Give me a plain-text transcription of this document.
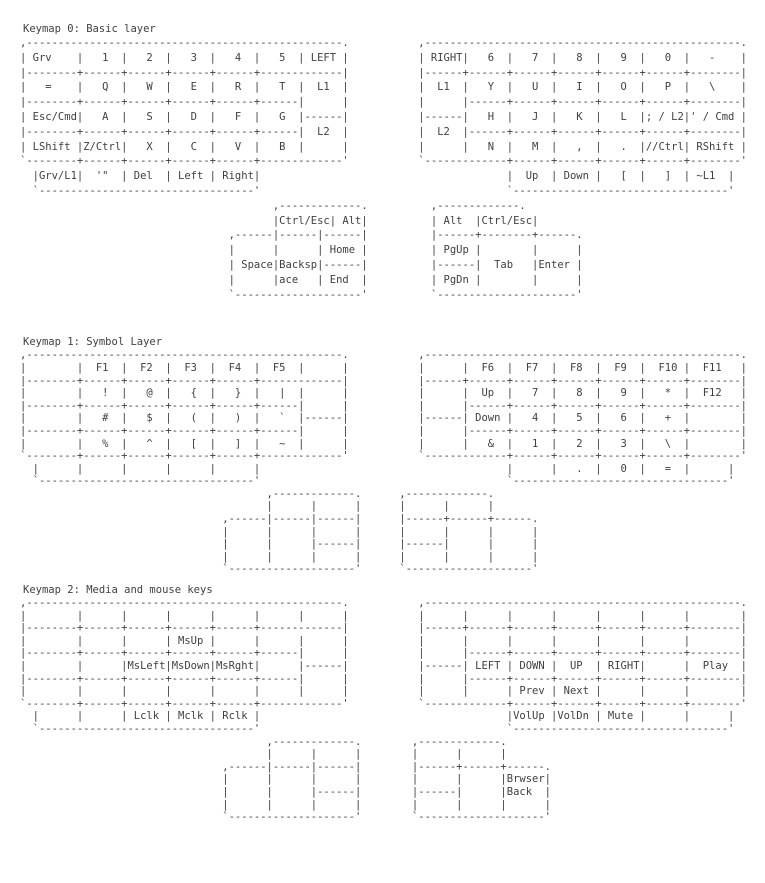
Keymap 0: Basic layer
,--------------------------------------------------.           ,--------------------------------------------------.
| Grv    |   1  |   2  |   3  |   4  |   5  | LEFT |           | RIGHT|   6  |   7  |   8  |   9  |   0  |   -    |
|--------+------+------+------+------+-------------|           |------+------+------+------+------+------+--------|
|   =    |   Q  |   W  |   E  |   R  |   T  |  L1  |           |  L1  |   Y  |   U  |   I  |   O  |   P  |   \    |
|--------+------+------+------+------+------|      |           |      |------+------+------+------+------+--------|
| Esc/Cmd|   A  |   S  |   D  |   F  |   G  |------|           |------|   H  |   J  |   K  |   L  |; / L2|' / Cmd |
|--------+------+------+------+------+------|  L2  |           |  L2  |------+------+------+------+------+--------|
| LShift |Z/Ctrl|   X  |   C  |   V  |   B  |      |           |      |   N  |   M  |   ,  |   .  |//Ctrl| RShift |
`--------+------+------+------+------+-------------'           `-------------+------+------+------+------+--------'
|Grv/L1|  '"  | Del  | Left | Right|                                       |  Up  | Down |   [  |   ]  | ~L1  |
`----------------------------------'                                       `----------------------------------'
,-------------.          ,-------------.
|Ctrl/Esc| Alt|          | Alt  |Ctrl/Esc|
,------|------|------|          |------+--------+------.
|      |      | Home |          | PgUp |        |      |
| Space|Backsp|------|          |------|  Tab   |Enter |
|      |ace   | End  |          | PgDn |        |      |
`--------------------'          `----------------------'
Keymap 1: Symbol Layer
,--------------------------------------------------.           ,--------------------------------------------------.
|        |  F1  |  F2  |  F3  |  F4  |  F5  |      |           |      |  F6  |  F7  |  F8  |  F9  |  F10 |  F11   |
|--------+------+------+------+------+-------------|           |------+------+------+------+------+------+--------|
|        |   !  |   @  |   {  |   }  |   |  |      |           |      |  Up  |   7  |   8  |   9  |   *  |  F12   |
|--------+------+------+------+------+------|      |           |      |------+------+------+------+------+--------|
|        |   #  |   $  |   (  |   )  |   `  |------|           |------| Down |   4  |   5  |   6  |   +  |        |
|--------+------+------+------+------+------|      |           |      |------+------+------+------+------+--------|
|        |   %  |   ^  |   [  |   ]  |   ~  |      |           |      |   &  |   1  |   2  |   3  |   \  |        |
`--------+------+------+------+------+-------------'           `-------------+------+------+------+------+--------'
|      |      |      |      |      |                                       |      |   .  |   0  |   =  |      |
`----------------------------------'                                       `----------------------------------'
,-------------.      ,-------------.
|      |      |      |      |      |
,------|------|------|      |------+------+------.
|      |      |      |      |      |      |      |
|      |      |------|      |------|      |      |
|      |      |      |      |      |      |      |
`--------------------'      `--------------------'
Keymap 2: Media and mouse keys
,--------------------------------------------------.           ,--------------------------------------------------.
|        |      |      |      |      |      |      |           |      |      |      |      |      |      |        |
|--------+------+------+------+------+-------------|           |------+------+------+------+------+------+--------|
|        |      |      | MsUp |      |      |      |           |      |      |      |      |      |      |        |
|--------+------+------+------+------+------|      |           |      |------+------+------+------+------+--------|
|        |      |MsLeft|MsDown|MsRght|      |------|           |------| LEFT | DOWN |  UP  | RIGHT|      |  Play  |
|--------+------+------+------+------+------|      |           |      |------+------+------+------+------+--------|
|        |      |      |      |      |      |      |           |      |      | Prev | Next |      |      |        |
`--------+------+------+------+------+-------------'           `-------------+------+------+------+------+--------'
|      |      | Lclk | Mclk | Rclk |                                       |VolUp |VolDn | Mute |      |      |
`----------------------------------'                                       `----------------------------------'
,-------------.        ,-------------.
|      |      |        |      |      |
,------|------|------|        |------+------+------.
|      |      |      |        |      |      |Brwser|
|      |      |------|        |------|      |Back  |
|      |      |      |        |      |      |      |
`--------------------'        `--------------------'
